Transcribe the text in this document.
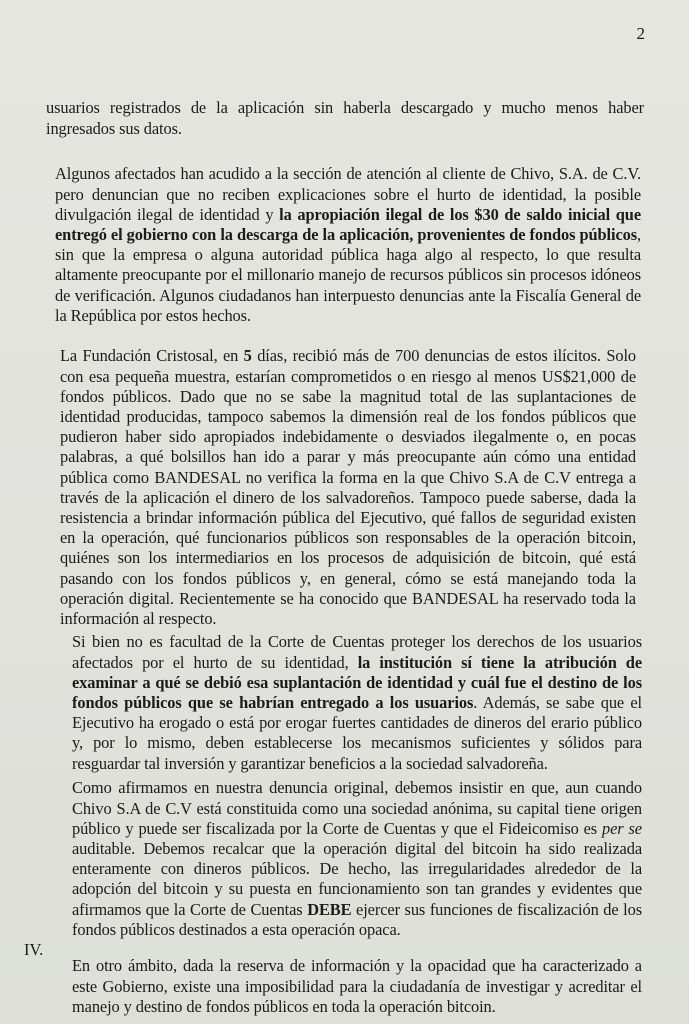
2

usuarios registrados de la aplicación sin haberla descargado y mucho menos haber ingresados sus datos.

Algunos afectados han acudido a la sección de atención al cliente de Chivo, S.A. de C.V. pero denuncian que no reciben explicaciones sobre el hurto de identidad, la posible divulgación ilegal de identidad y la apropiación ilegal de los $30 de saldo inicial que entregó el gobierno con la descarga de la aplicación, provenientes de fondos públicos, sin que la empresa o alguna autoridad pública haga algo al respecto, lo que resulta altamente preocupante por el millonario manejo de recursos públicos sin procesos idóneos de verificación. Algunos ciudadanos han interpuesto denuncias ante la Fiscalía General de la República por estos hechos.

La Fundación Cristosal, en 5 días, recibió más de 700 denuncias de estos ilícitos. Solo con esa pequeña muestra, estarían comprometidos o en riesgo al menos US$21,000 de fondos públicos. Dado que no se sabe la magnitud total de las suplantaciones de identidad producidas, tampoco sabemos la dimensión real de los fondos públicos que pudieron haber sido apropiados indebidamente o desviados ilegalmente o, en pocas palabras, a qué bolsillos han ido a parar y más preocupante aún cómo una entidad pública como BANDESAL no verifica la forma en la que Chivo S.A de C.V entrega a través de la aplicación el dinero de los salvadoreños. Tampoco puede saberse, dada la resistencia a brindar información pública del Ejecutivo, qué fallos de seguridad existen en la operación, qué funcionarios públicos son responsables de la operación bitcoin, quiénes son los intermediarios en los procesos de adquisición de bitcoin, qué está pasando con los fondos públicos y, en general, cómo se está manejando toda la operación digital. Recientemente se ha conocido que BANDESAL ha reservado toda la información al respecto.

Si bien no es facultad de la Corte de Cuentas proteger los derechos de los usuarios afectados por el hurto de su identidad, la institución sí tiene la atribución de examinar a qué se debió esa suplantación de identidad y cuál fue el destino de los fondos públicos que se habrían entregado a los usuarios. Además, se sabe que el Ejecutivo ha erogado o está por erogar fuertes cantidades de dineros del erario público y, por lo mismo, deben establecerse los mecanismos suficientes y sólidos para resguardar tal inversión y garantizar beneficios a la sociedad salvadoreña.

Como afirmamos en nuestra denuncia original, debemos insistir en que, aun cuando Chivo S.A de C.V está constituida como una sociedad anónima, su capital tiene origen público y puede ser fiscalizada por la Corte de Cuentas y que el Fideicomiso es per se auditable. Debemos recalcar que la operación digital del bitcoin ha sido realizada enteramente con dineros públicos. De hecho, las irregularidades alrededor de la adopción del bitcoin y su puesta en funcionamiento son tan grandes y evidentes que afirmamos que la Corte de Cuentas DEBE ejercer sus funciones de fiscalización de los fondos públicos destinados a esta operación opaca.

IV.

En otro ámbito, dada la reserva de información y la opacidad que ha caracterizado a este Gobierno, existe una imposibilidad para la ciudadanía de investigar y acreditar el manejo y destino de fondos públicos en toda la operación bitcoin.
